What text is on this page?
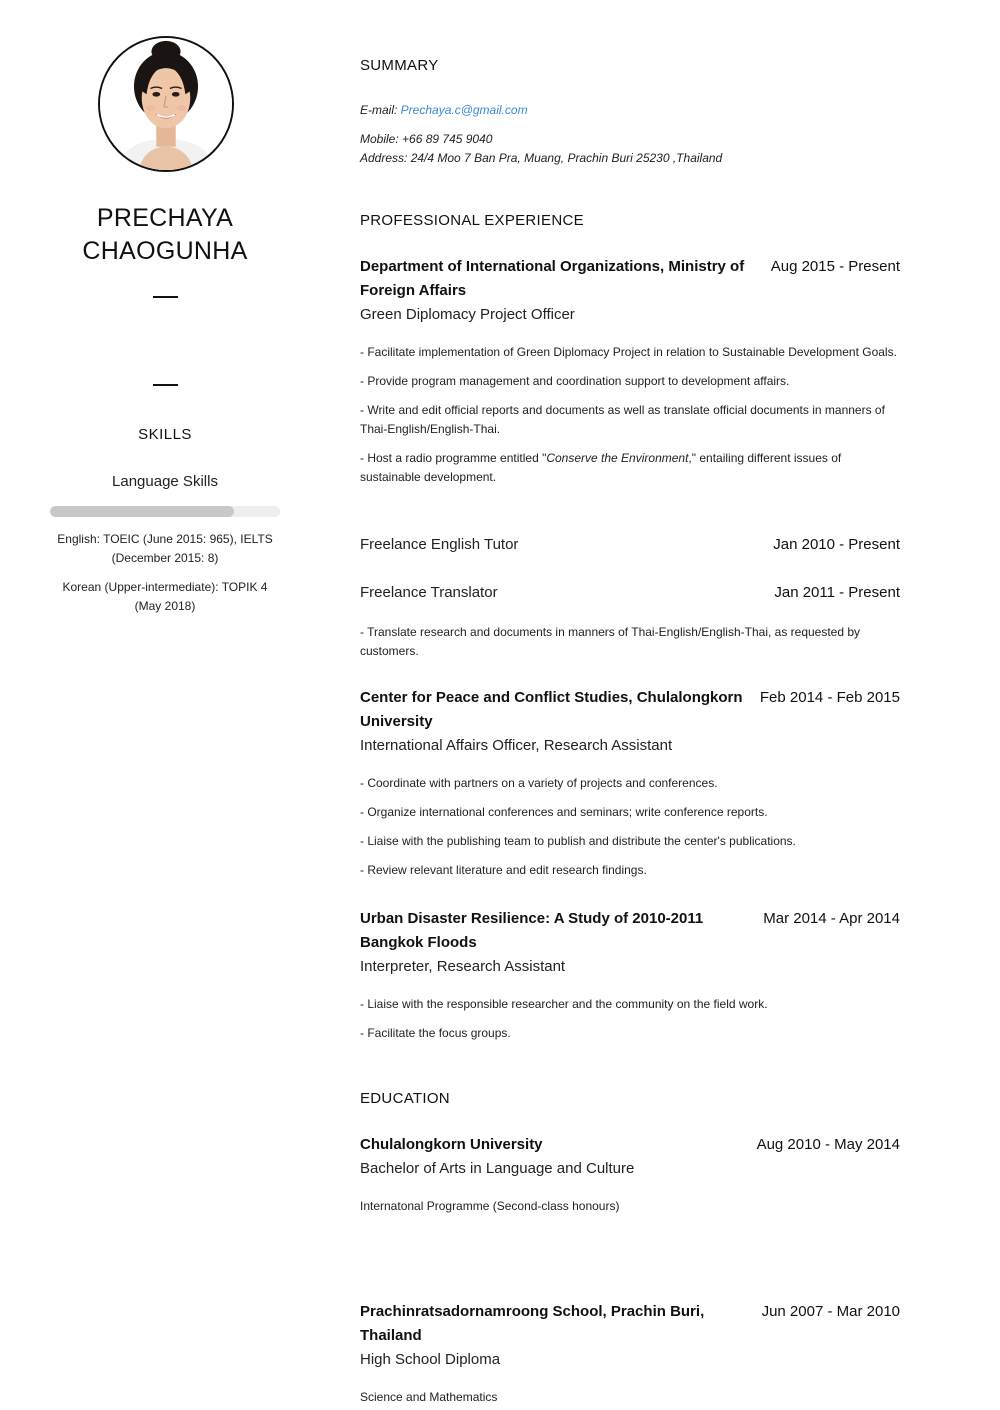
PRECHAYA
CHAOGUNHA
SKILLS
Language Skills

English: TOEIC (June 2015: 965), IELTS (December 2015: 8)

Korean (Upper-intermediate): TOPIK 4 (May 2018)

SUMMARY
E-mail: Prechaya.c@gmail.com
Mobile: +66 89 745 9040
Address: 24/4 Moo 7 Ban Pra, Muang, Prachin Buri 25230 ,Thailand
PROFESSIONAL EXPERIENCE
Department of International Organizations, Ministry of Foreign Affairs
Aug 2015 - Present
Green Diplomacy Project Officer

- Facilitate implementation of Green Diplomacy Project in relation to Sustainable Development Goals.

- Provide program management and coordination support to development affairs.

- Write and edit official reports and documents as well as translate official documents in manners of Thai-English/English-Thai.

- Host a radio programme entitled "Conserve the Environment," entailing different issues of sustainable development.

Freelance English Tutor	Jan 2010 - Present
Freelance Translator	Jan 2011 - Present

- Translate research and documents in manners of Thai-English/English-Thai, as requested by customers.

Center for Peace and Conflict Studies, Chulalongkorn University
Feb 2014 - Feb 2015
International Affairs Officer, Research Assistant

- Coordinate with partners on a variety of projects and conferences.

- Organize international conferences and seminars; write conference reports.

- Liaise with the publishing team to publish and distribute the center's publications.

- Review relevant literature and edit research findings.

Urban Disaster Resilience: A Study of 2010-2011 Bangkok Floods
Mar 2014 - Apr 2014
Interpreter, Research Assistant

- Liaise with the responsible researcher and the community on the field work.

- Facilitate the focus groups.

EDUCATION
Chulalongkorn University	Aug 2010 - May 2014
Bachelor of Arts in Language and Culture

Internatonal Programme (Second-class honours)

Prachinratsadornamroong School, Prachin Buri, Thailand
Jun 2007 - Mar 2010
High School Diploma

Science and Mathematics
